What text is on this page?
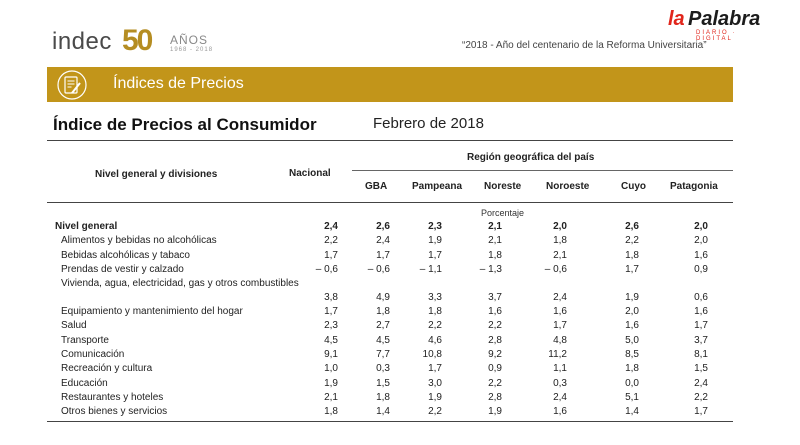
indec 50 AÑOS
1968 - 2018	“2018 - Año del centenario de la Reforma Universitaria”
la Palabra
DIARIO · DIGITAL
Índices de Precios
Índice de Precios al Consumidor	Febrero de 2018
Región geográfica del país
Nivel general y divisiones	Nacional
GBA Pampeana Noreste Noroeste	Cuyo Patagonia
Porcentaje
Nivel general	2,4	2,6	2,3	2,1	2,0	2,6	2,0
Alimentos y bebidas no alcohólicas	2,2	2,4	1,9	2,1	1,8	2,2	2,0
Bebidas alcohólicas y tabaco	1,7	1,7	1,7	1,8	2,1	1,8	1,6
Prendas de vestir y calzado	– 0,6	– 0,6	– 1,1	– 1,3	– 0,6	1,7	0,9
Vivienda, agua, electricidad, gas y otros combustibles
3,8	4,9	3,3	3,7	2,4	1,9	0,6
Equipamiento y mantenimiento del hogar	1,7	1,8	1,8	1,6	1,6	2,0	1,6
Salud	2,3	2,7	2,2	2,2	1,7	1,6	1,7
Transporte	4,5	4,5	4,6	2,8	4,8	5,0	3,7
Comunicación	9,1	7,7	10,8	9,2	11,2	8,5	8,1
Recreación y cultura	1,0	0,3	1,7	0,9	1,1	1,8	1,5
Educación	1,9	1,5	3,0	2,2	0,3	0,0	2,4
Restaurantes y hoteles	2,1	1,8	1,9	2,8	2,4	5,1	2,2
Otros bienes y servicios	1,8	1,4	2,2	1,9	1,6	1,4	1,7
